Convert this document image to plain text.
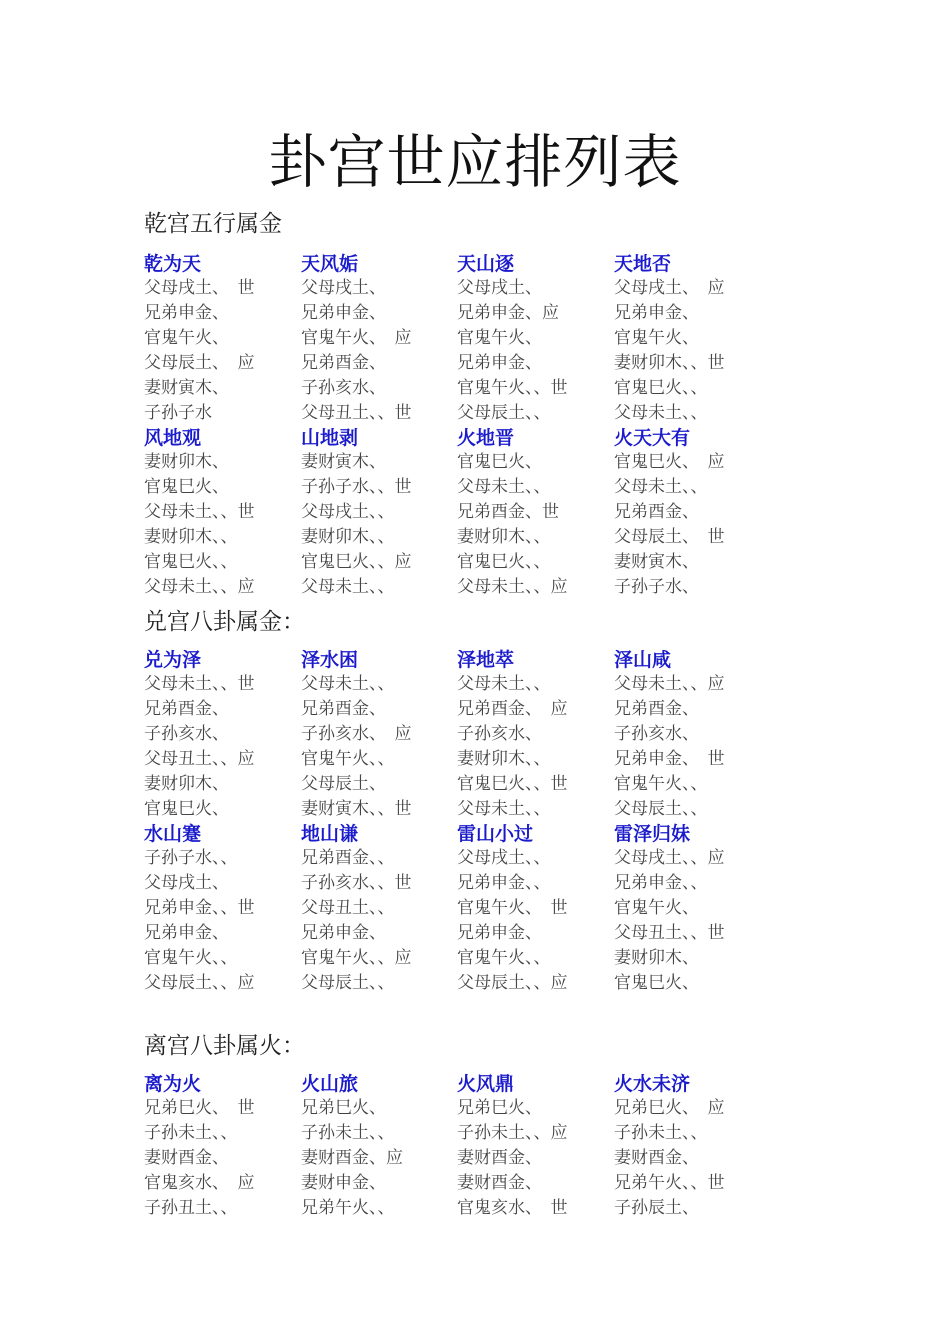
卦宫世应排列表
乾宫五行属金
乾为天
父母戌土、　世
兄弟申金、
官鬼午火、
父母辰土、　应
妻财寅木、
子孙子水
天风姤
父母戌土、
兄弟申金、
官鬼午火、　应
兄弟酉金、
子孙亥水、
父母丑土、、世
天山逐
父母戌土、
兄弟申金、应
官鬼午火、
兄弟申金、
官鬼午火、、世
父母辰土、、
天地否
父母戌土、　应
兄弟申金、
官鬼午火、
妻财卯木、、世
官鬼巳火、、
父母未土、、
风地观
妻财卯木、
官鬼巳火、
父母未土、、世
妻财卯木、、
官鬼巳火、、
父母未土、、应
山地剥
妻财寅木、
子孙子水、、世
父母戌土、、
妻财卯木、、
官鬼巳火、、应
父母未土、、
火地晋
官鬼巳火、
父母未土、、
兄弟酉金、世
妻财卯木、、
官鬼巳火、、
父母未土、、应
火天大有
官鬼巳火、　应
父母未土、、
兄弟酉金、
父母辰土、　世
妻财寅木、
子孙子水、
兑宫八卦属金：
兑为泽
父母未土、、世
兄弟酉金、
子孙亥水、
父母丑土、、应
妻财卯木、
官鬼巳火、
泽水困
父母未土、、
兄弟酉金、
子孙亥水、　应
官鬼午火、、
父母辰土、
妻财寅木、、世
泽地萃
父母未土、、
兄弟酉金、　应
子孙亥水、
妻财卯木、、
官鬼巳火、、世
父母未土、、
泽山咸
父母未土、、应
兄弟酉金、
子孙亥水、
兄弟申金、　世
官鬼午火、、
父母辰土、、
水山蹇
子孙子水、、
父母戌土、
兄弟申金、、世
兄弟申金、
官鬼午火、、
父母辰土、、应
地山谦
兄弟酉金、、
子孙亥水、、世
父母丑土、、
兄弟申金、
官鬼午火、、应
父母辰土、、
雷山小过
父母戌土、、
兄弟申金、、
官鬼午火、　世
兄弟申金、
官鬼午火、、
父母辰土、、应
雷泽归妹
父母戌土、、应
兄弟申金、、
官鬼午火、
父母丑土、、世
妻财卯木、
官鬼巳火、
离宫八卦属火：
离为火
兄弟巳火、　世
子孙未土、、
妻财酉金、
官鬼亥水、　应
子孙丑土、、
火山旅
兄弟巳火、
子孙未土、、
妻财酉金、应
妻财申金、
兄弟午火、、
火风鼎
兄弟巳火、
子孙未土、、应
妻财酉金、
妻财酉金、
官鬼亥水、　世
火水未济
兄弟巳火、　应
子孙未土、、
妻财酉金、
兄弟午火、、世
子孙辰土、
